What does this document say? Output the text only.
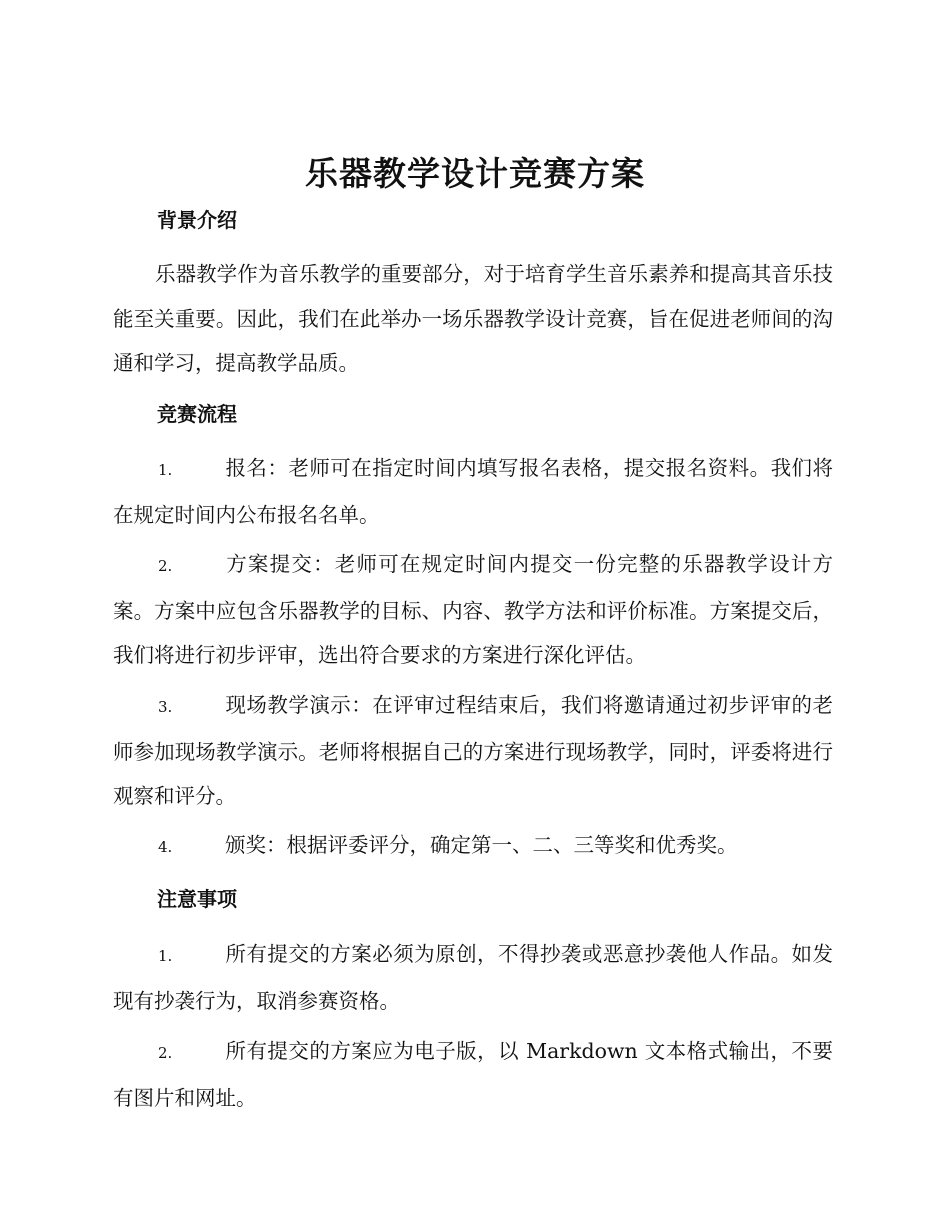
乐器教学设计竞赛方案
背景介绍

乐器教学作为音乐教学的重要部分，对于培育学生音乐素养和提高其音乐技能至关重要。因此，我们在此举办一场乐器教学设计竞赛，旨在促进老师间的沟通和学习，提高教学品质。

竞赛流程

1.	报名：老师可在指定时间内填写报名表格，提交报名资料。我们将在规定时间内公布报名名单。

2.	方案提交：老师可在规定时间内提交一份完整的乐器教学设计方案。方案中应包含乐器教学的目标、内容、教学方法和评价标准。方案提交后，我们将进行初步评审，选出符合要求的方案进行深化评估。

3.	现场教学演示：在评审过程结束后，我们将邀请通过初步评审的老师参加现场教学演示。老师将根据自己的方案进行现场教学，同时，评委将进行观察和评分。

4.	颁奖：根据评委评分，确定第一、二、三等奖和优秀奖。

注意事项

1.	所有提交的方案必须为原创，不得抄袭或恶意抄袭他人作品。如发现有抄袭行为，取消参赛资格。

2.	所有提交的方案应为电子版，以 Markdown 文本格式输出，不要有图片和网址。
